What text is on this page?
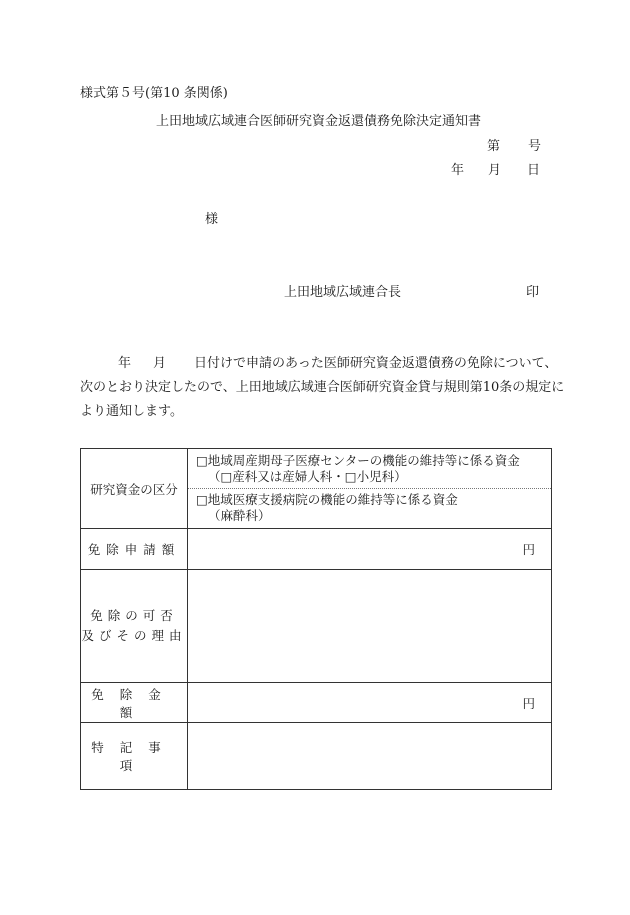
様式第５号(第10 条関係)
上田地域広域連合医師研究資金返還債務免除決定通知書
第 号
年 月 日
様
上田地域広域連合長	印
年 月 日付けで申請のあった医師研究資金返還債務の免除について、
次のとおり決定したので、上田地域広域連合医師研究資金貸与規則第10条の規定に
より通知します。
研究資金の区分	□地域周産期母子医療センターの機能の維持等に係る資金
（□産科又は産婦人科・□小児科）
□地域医療支援病院の機能の維持等に係る資金
（麻酔科）

免除申請額	円
免除の可否
及びその理由	
免除金額	円
特記事項	
